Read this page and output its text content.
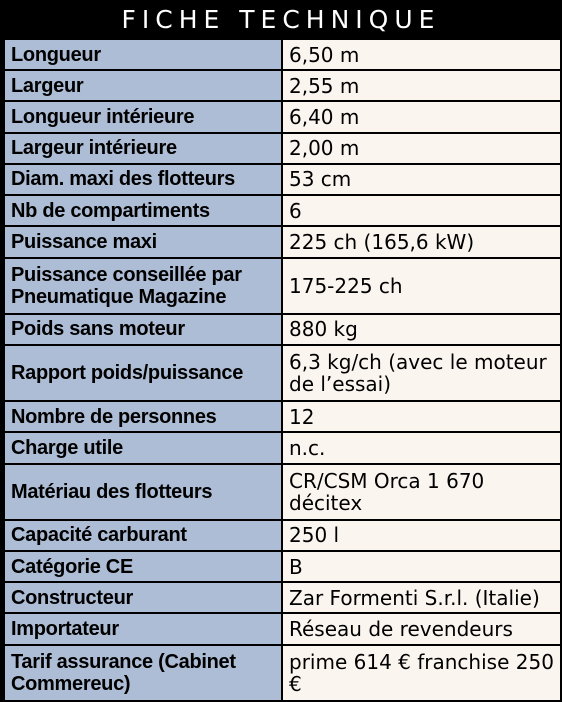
FICHE TECHNIQUE
Longueur	6,50 m
Largeur	2,55 m
Longueur intérieure	6,40 m
Largeur intérieure	2,00 m
Diam. maxi des flotteurs	53 cm
Nb de compartiments	6
Puissance maxi	225 ch (165,6 kW)
Puissance conseillée par Pneumatique Magazine	175-225 ch
Poids sans moteur	880 kg
Rapport poids/puissance	6,3 kg/ch (avec le moteur de l’essai)
Nombre de personnes	12
Charge utile	n.c.
Matériau des flotteurs	CR/CSM Orca 1 670 décitex
Capacité carburant	250 l
Catégorie CE	B
Constructeur	Zar Formenti S.r.l. (Italie)
Importateur	Réseau de revendeurs
Tarif assurance (Cabinet Commereuc)	prime 614 € franchise 250 €
